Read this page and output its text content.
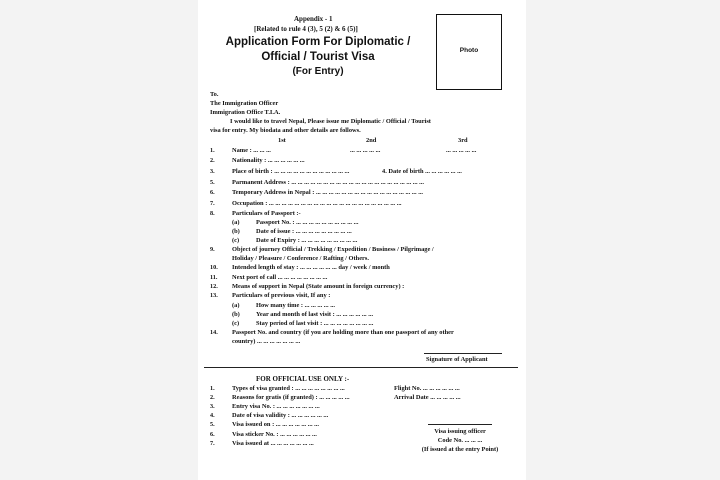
Appendix - 1
[Related to rule 4 (3), 5 (2) & 6 (5)]
Application Form For Diplomatic /
Official / Tourist Visa
(For Entry)
Photo
To.
The Immigration Officer
Immigration Office T.I.A.
I would like to travel Nepal, Please issue me Diplomatic / Official / Tourist
visa for entry. My biodata and other details are follows.
1st	2nd	3rd
1.	Name : ... ... ...	... ... ... ... ...	... ... ... ... ...
2.	Nationality : ... ... ... ... ... ...
3.	Place of birth : ... ... ... ... ... ... ... ... ... ... ... ...	4. Date of birth ... ... ... ... ... ...
5.	Parmanent Address : ... ... ... ... ... ... ... ... ... ... ... ... ... ... ... ... ... ... ... ... ...
6.	Temporary Address in Nepal : ... ... ... ... ... ... ... ... ... ... ... ... ... ... ... ... ...
7.	Occupation : ... ... ... ... ... ... ... ... ... ... ... ... ... ... ... ... ... ... ... ... ...
8.	Particulars of Passport :-
(a)	Passport No. : ... ... ... ... ... ... ... ... ... ...
(b)	Date of issue : ... ... ... ... ... ... ... ... ...
(c)	Date of Expiry : ... ... ... ... ... ... ... ... ...
9.	Object of journey Official / Trekking / Expedition / Business / Pilgrimage /
Holiday / Pleasure / Conference / Rafting / Others.
10. Intended length of stay : ... ... ... ... ... ... day / week / month
11. Next port of call ... ... ... ... ... ... ... ...
12. Means of support in Nepal (State amount in foreign currency) :
13. Particulars of previous visit, If any :
(a)	How many time : ... ... ... ... ...
(b)	Year and month of last visit : ... ... ... ... ... ...
(c)	Stay period of last visit : ... ... ... ... ... ... ... ...
14. Passport No. and country (if you are holding more than one passport of any other
country) ... ... ... ... ... ... ...
Signature of Applicant
FOR OFFICIAL USE ONLY :-
1.	Types of visa granted : ... ... ... ... ... ... ... ...	Flight No. ... ... ... ... ... ...
2.	Reasons for gratis (if granted) : ... ... ... ... ...	Arrival Date ... ... ... ... ...
3.	Entry visa No. : ... ... ... ... ... ... ...
4.	Date of visa validity : ... ... ... ... ... ...
5.	Visa issued on : ... ... ... ... ... ... ...
6.	Visa sticker No. : ... ... ... ... ... ...
7.	Visa issued at ... ... ... ... ... ... ...
Visa issuing officer
Code No. ... ... ...
(If issued at the entry Point)
